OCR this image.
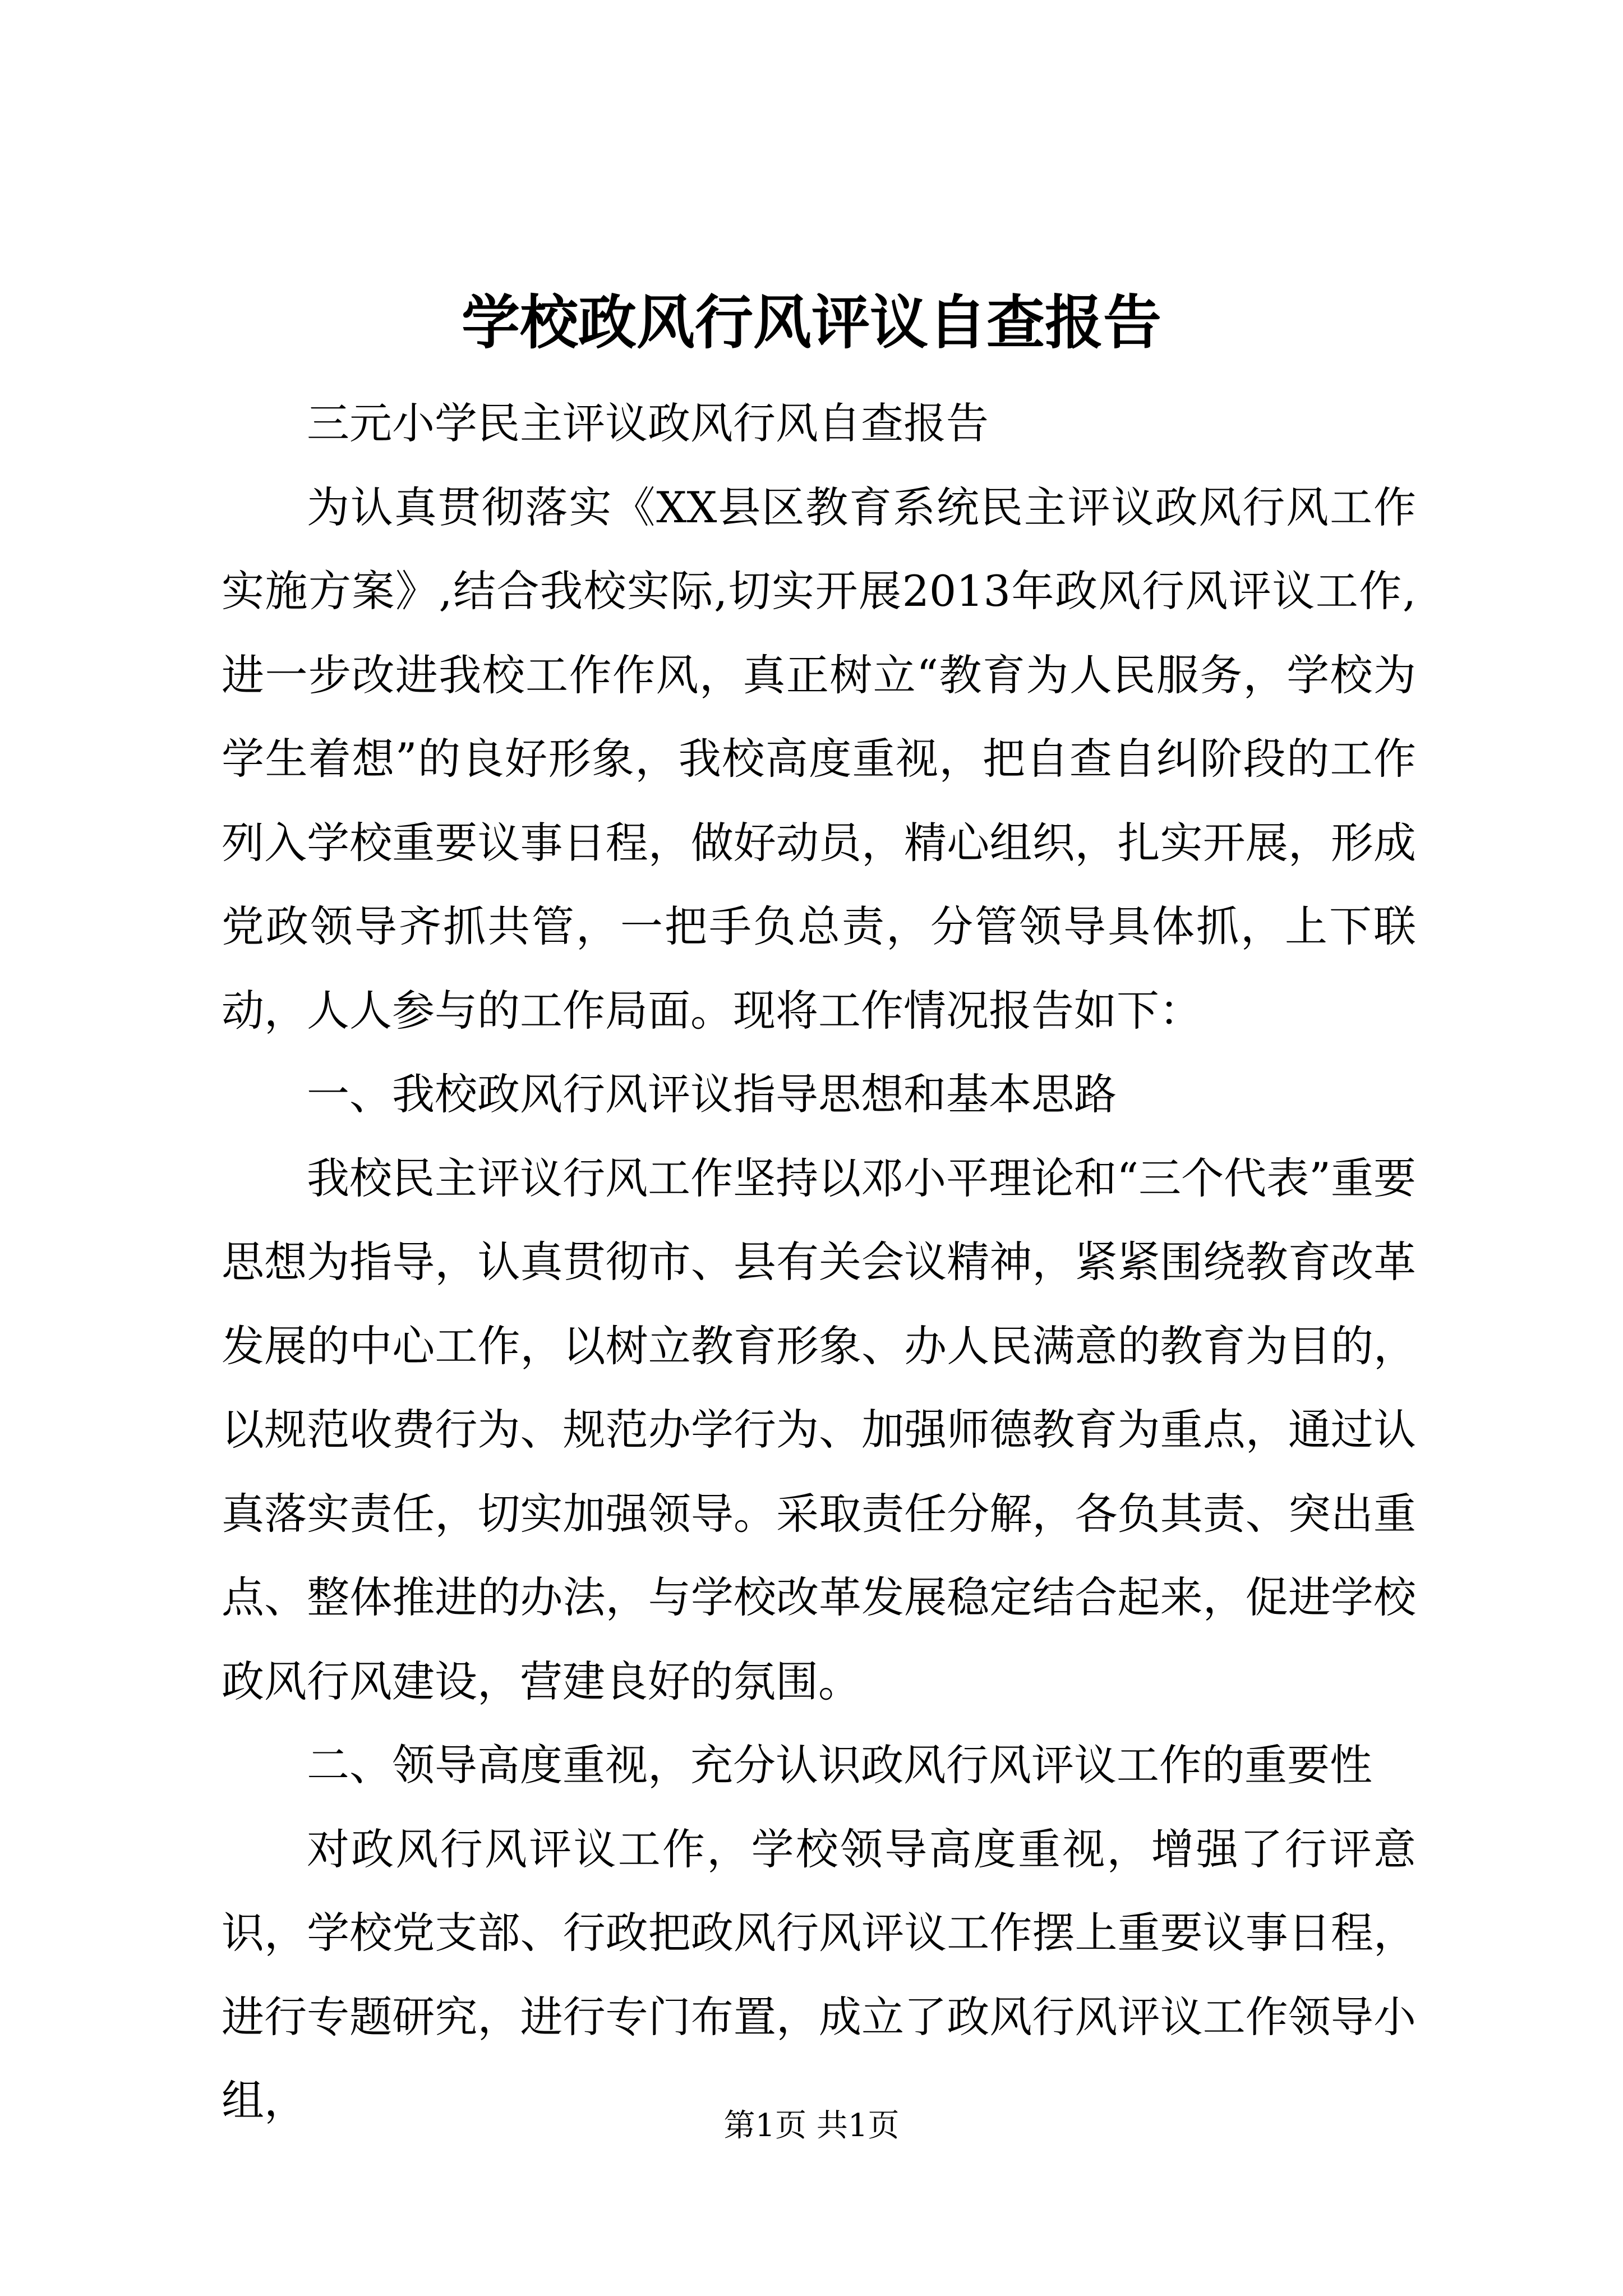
学校政风行风评议自查报告

三元小学民主评议政风行风自查报告

为认真贯彻落实《XX县区教育系统民主评议政风行风工作实施方案》,结合我校实际,切实开展2013年政风行风评议工作,进一步改进我校工作作风，真正树立“教育为人民服务，学校为学生着想”的良好形象，我校高度重视，把自查自纠阶段的工作列入学校重要议事日程，做好动员，精心组织，扎实开展，形成党政领导齐抓共管，一把手负总责，分管领导具体抓，上下联动，人人参与的工作局面。现将工作情况报告如下：

一、我校政风行风评议指导思想和基本思路

我校民主评议行风工作坚持以邓小平理论和“三个代表”重要思想为指导，认真贯彻市、县有关会议精神，紧紧围绕教育改革发展的中心工作，以树立教育形象、办人民满意的教育为目的，以规范收费行为、规范办学行为、加强师德教育为重点，通过认真落实责任，切实加强领导。采取责任分解，各负其责、突出重点、整体推进的办法，与学校改革发展稳定结合起来，促进学校政风行风建设，营建良好的氛围。

二、领导高度重视，充分认识政风行风评议工作的重要性

对政风行风评议工作，学校领导高度重视，增强了行评意识，学校党支部、行政把政风行风评议工作摆上重要议事日程，进行专题研究，进行专门布置，成立了政风行风评议工作领导小组，

第1页 共1页
